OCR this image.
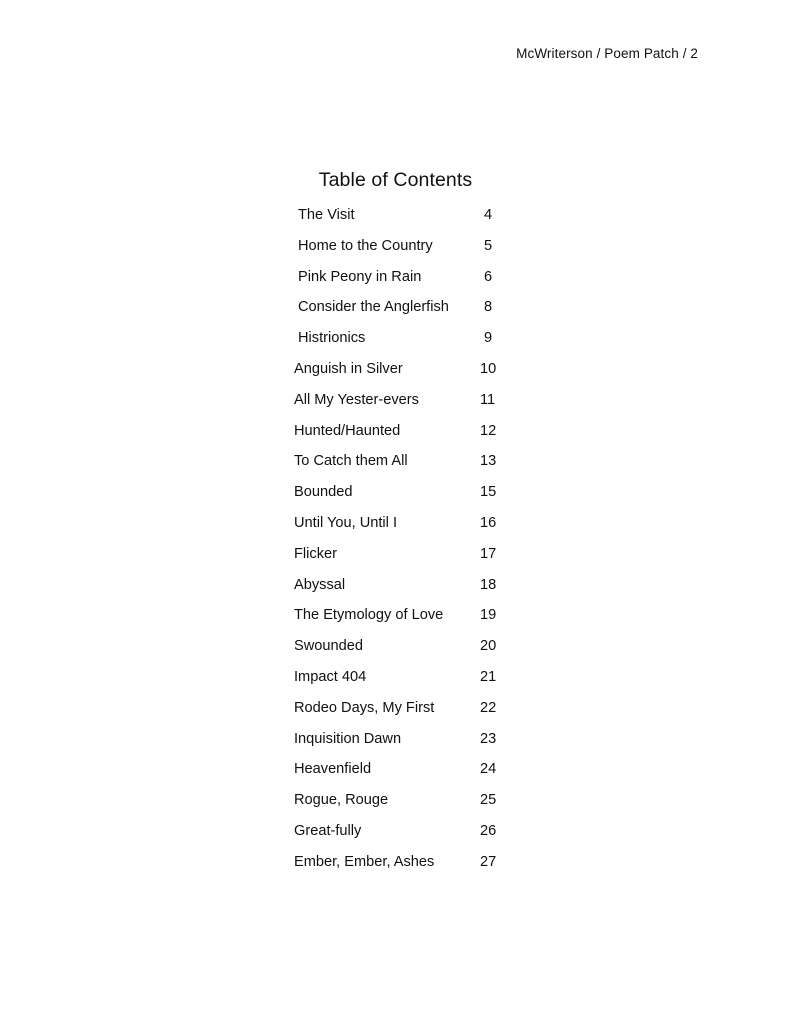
McWriterson / Poem Patch / 2
Table of Contents
The Visit	4
Home to the Country	5
Pink Peony in Rain	6
Consider the Anglerfish 8
Histrionics	9
Anguish in Silver	10
All My Yester-evers	11
Hunted/Haunted	12
To Catch them All	13
Bounded	15
Until You, Until I	16
Flicker	17
Abyssal	18
The Etymology of Love	19
Swounded	20
Impact 404	21
Rodeo Days, My First	22
Inquisition Dawn	23
Heavenfield	24
Rogue, Rouge	25
Great-fully	26
Ember, Ember, Ashes	27
